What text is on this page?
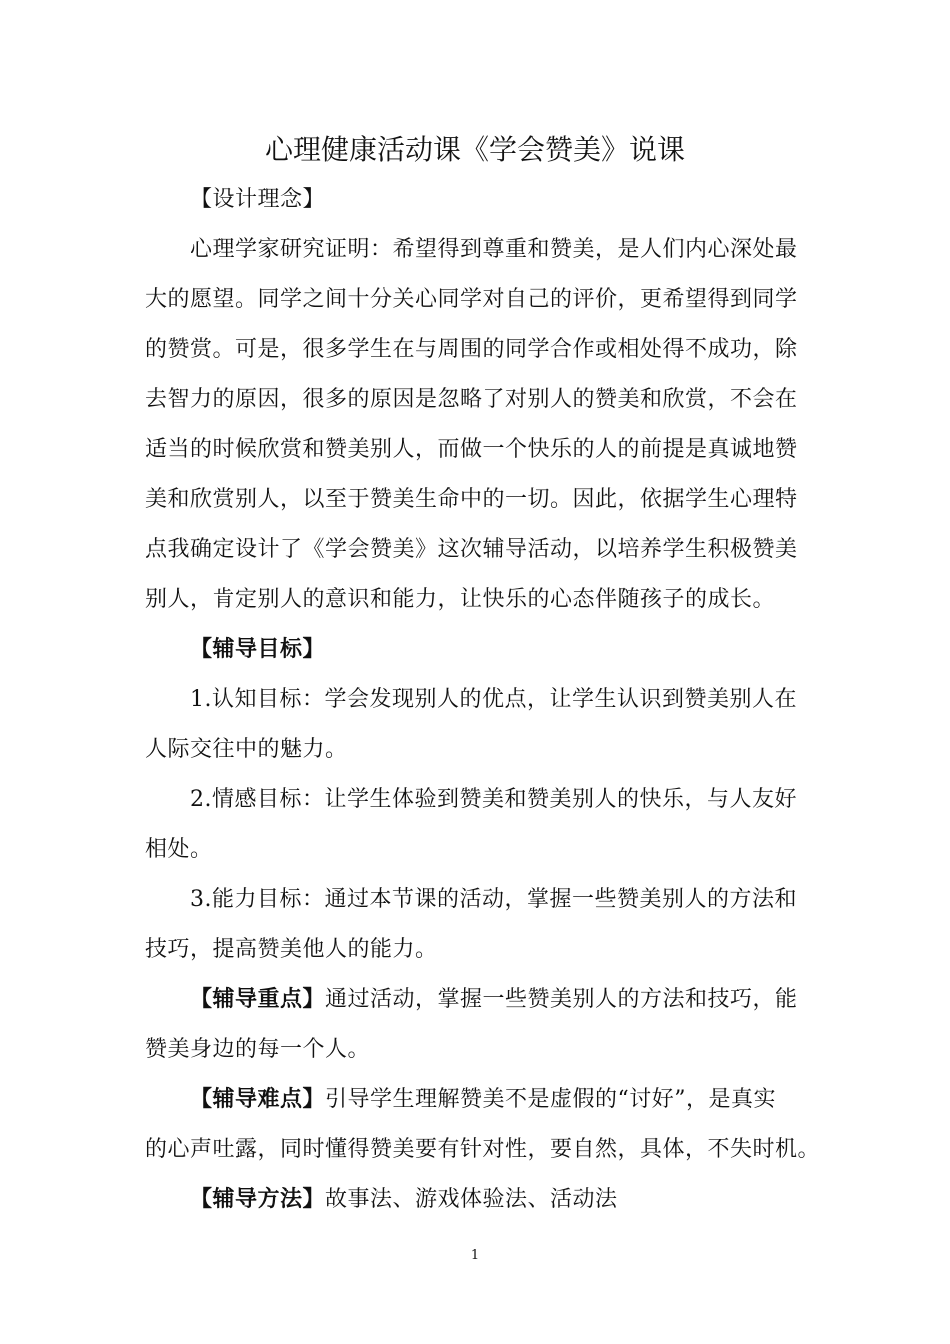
心理健康活动课《学会赞美》说课
【设计理念】
心理学家研究证明：希望得到尊重和赞美，是人们内心深处最
大的愿望。同学之间十分关心同学对自己的评价，更希望得到同学
的赞赏。可是，很多学生在与周围的同学合作或相处得不成功，除
去智力的原因，很多的原因是忽略了对别人的赞美和欣赏，不会在
适当的时候欣赏和赞美别人，而做一个快乐的人的前提是真诚地赞
美和欣赏别人，以至于赞美生命中的一切。因此，依据学生心理特
点我确定设计了《学会赞美》这次辅导活动，以培养学生积极赞美
别人，肯定别人的意识和能力，让快乐的心态伴随孩子的成长。
【辅导目标】
1.认知目标：学会发现别人的优点，让学生认识到赞美别人在
人际交往中的魅力。
2.情感目标：让学生体验到赞美和赞美别人的快乐，与人友好
相处。
3.能力目标：通过本节课的活动，掌握一些赞美别人的方法和
技巧，提高赞美他人的能力。
【辅导重点】通过活动，掌握一些赞美别人的方法和技巧，能
赞美身边的每一个人。
【辅导难点】引导学生理解赞美不是虚假的“讨好”，是真实
的心声吐露，同时懂得赞美要有针对性，要自然，具体，不失时机。
【辅导方法】故事法、游戏体验法、活动法
1
